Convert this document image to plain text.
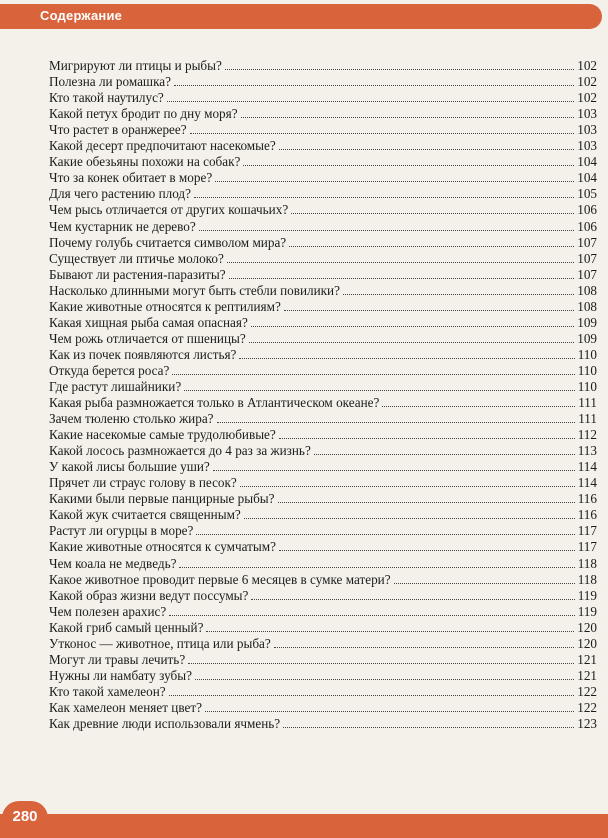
Содержание
Мигрируют ли птицы и рыбы?	102
Полезна ли ромашка?	102
Кто такой наутилус?	102
Какой петух бродит по дну моря?	103
Что растет в оранжерее?	103
Какой десерт предпочитают насекомые?	103
Какие обезьяны похожи на собак?	104
Что за конек обитает в море?	104
Для чего растению плод?	105
Чем рысь отличается от других кошачьих?	106
Чем кустарник не дерево?	106
Почему голубь считается символом мира?	107
Существует ли птичье молоко?	107
Бывают ли растения-паразиты?	107
Насколько длинными могут быть стебли повилики?	108
Какие животные относятся к рептилиям?	108
Какая хищная рыба самая опасная?	109
Чем рожь отличается от пшеницы?	109
Как из почек появляются листья?	110
Откуда берется роса?	110
Где растут лишайники?	110
Какая рыба размножается только в Атлантическом океане?	111
Зачем тюленю столько жира?	111
Какие насекомые самые трудолюбивые?	112
Какой лосось размножается до 4 раз за жизнь?	113
У какой лисы большие уши?	114
Прячет ли страус голову в песок?	114
Какими были первые панцирные рыбы?	116
Какой жук считается священным?	116
Растут ли огурцы в море?	117
Какие животные относятся к сумчатым?	117
Чем коала не медведь?	118
Какое животное проводит первые 6 месяцев в сумке матери?	118
Какой образ жизни ведут поссумы?	119
Чем полезен арахис?	119
Какой гриб самый ценный?	120
Утконос — животное, птица или рыба?	120
Могут ли травы лечить?	121
Нужны ли намбату зубы?	121
Кто такой хамелеон?	122
Как хамелеон меняет цвет?	122
Как древние люди использовали ячмень?	123
280
